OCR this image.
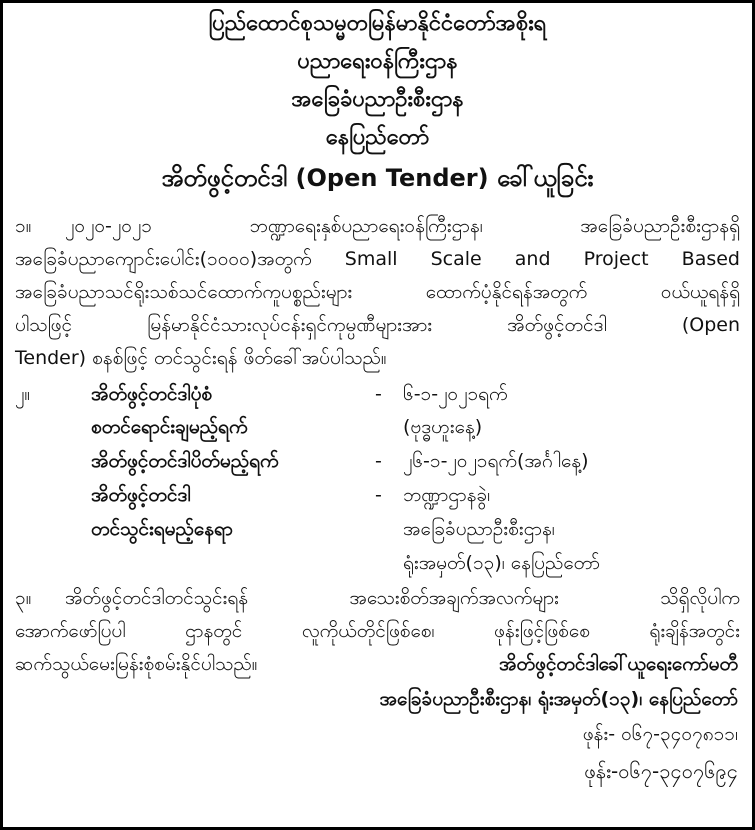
ပြည်ထောင်စုသမ္မတမြန်မာနိုင်ငံတော်အစိုးရ
ပညာရေးဝန်ကြီးဌာန
အခြေခံပညာဦးစီးဌာန
နေပြည်တော်
အိတ်ဖွင့်တင်ဒါ (Open Tender) ခေါ်ယူခြင်း
၁။ ၂၀၂၀-၂၀၂၁ ဘဏ္ဍာရေးနှစ်ပညာရေးဝန်ကြီးဌာန၊ အခြေခံပညာဦးစီးဌာနရှိ
အခြေခံပညာကျောင်းပေါင်း(၁၀၀၀)အတွက် Small Scale and Project Based
အခြေခံပညာသင်ရိုးသစ်သင်ထောက်ကူပစ္စည်းများ ထောက်ပံ့နိုင်ရန်အတွက် ဝယ်ယူရန်ရှိ
ပါသဖြင့် မြန်မာနိုင်ငံသားလုပ်ငန်းရှင်ကုမ္ပဏီများအား အိတ်ဖွင့်တင်ဒါ (Open
Tender) စနစ်ဖြင့် တင်သွင်းရန် ဖိတ်ခေါ်အပ်ပါသည်။
၂။	အိတ်ဖွင့်တင်ဒါပုံစံ	- ၆-၁-၂၀၂၁ရက်
စတင်ရောင်းချမည့်ရက်	(ဗုဒ္ဓဟူးနေ့)
အိတ်ဖွင့်တင်ဒါပိတ်မည့်ရက်	- ၂၆-၁-၂၀၂၁ရက်(အင်္ဂါနေ့)
အိတ်ဖွင့်တင်ဒါ	- ဘဏ္ဍာဌာနခွဲ၊
တင်သွင်းရမည့်နေရာ	အခြေခံပညာဦးစီးဌာန၊
ရုံးအမှတ်(၁၃)၊ နေပြည်တော်
၃။ အိတ်ဖွင့်တင်ဒါတင်သွင်းရန် အသေးစိတ်အချက်အလက်များ သိရှိလိုပါက
အောက်ဖော်ပြပါ ဌာနတွင် လူကိုယ်တိုင်ဖြစ်စေ၊ ဖုန်းဖြင့်ဖြစ်စေ ရုံးချိန်အတွင်း
ဆက်သွယ်မေးမြန်းစုံစမ်းနိုင်ပါသည်။	အိတ်ဖွင့်တင်ဒါခေါ်ယူရေးကော်မတီ
အခြေခံပညာဦးစီးဌာန၊ ရုံးအမှတ်(၁၃)၊ နေပြည်တော်
ဖုန်း- ၀၆၇-၃၄၀၇၈၁၁၊
ဖုန်း-၀၆၇-၃၄၀၇၆၉၄
